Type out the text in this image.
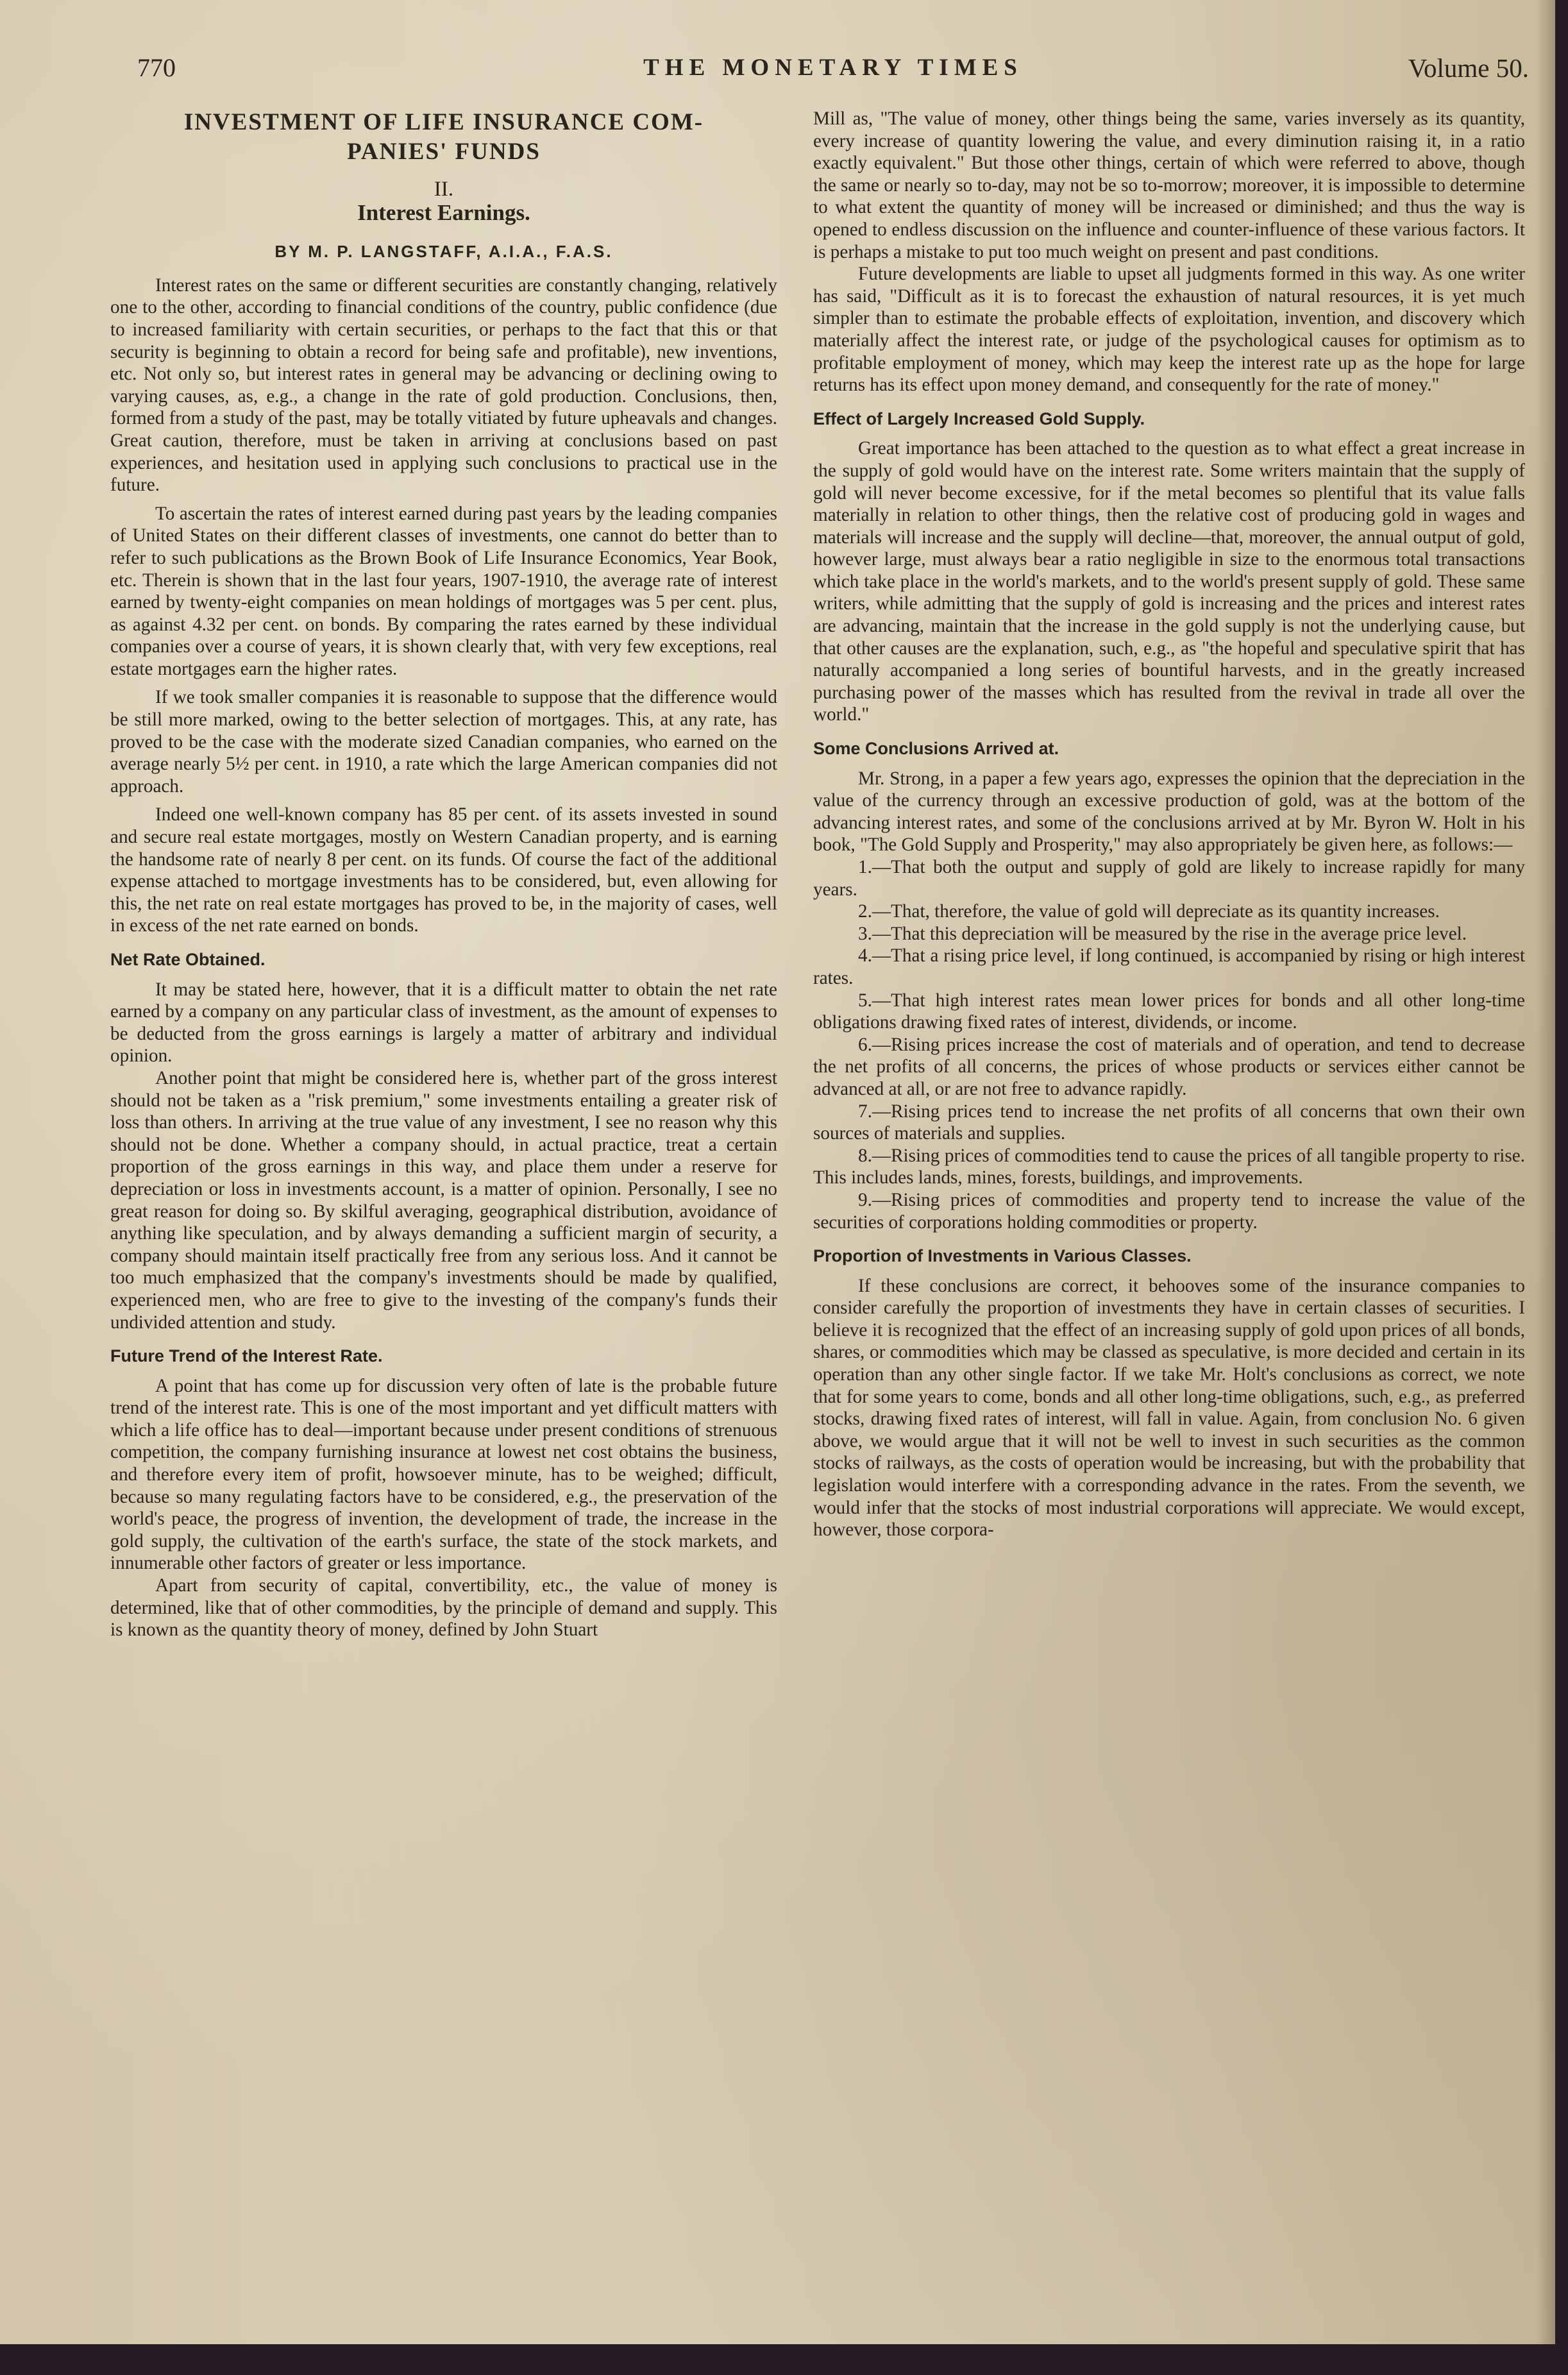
770	THE MONETARY TIMES	Volume 50.
INVESTMENT OF LIFE INSURANCE COM-
PANIES' FUNDS
II.
Interest Earnings.
BY M. P. LANGSTAFF, A.I.A., F.A.S.

Interest rates on the same or different securities are constantly changing, relatively one to the other, according to financial conditions of the country, public confidence (due to increased familiarity with certain securities, or perhaps to the fact that this or that security is beginning to obtain a record for being safe and profitable), new inventions, etc. Not only so, but interest rates in general may be advancing or declining owing to varying causes, as, e.g., a change in the rate of gold production. Conclusions, then, formed from a study of the past, may be totally vitiated by future upheavals and changes. Great caution, therefore, must be taken in arriving at conclusions based on past experiences, and hesitation used in applying such conclusions to practical use in the future.

To ascertain the rates of interest earned during past years by the leading companies of United States on their different classes of investments, one cannot do better than to refer to such publications as the Brown Book of Life Insurance Economics, Year Book, etc. Therein is shown that in the last four years, 1907-1910, the average rate of interest earned by twenty-eight companies on mean holdings of mortgages was 5 per cent. plus, as against 4.32 per cent. on bonds. By comparing the rates earned by these individual companies over a course of years, it is shown clearly that, with very few exceptions, real estate mortgages earn the higher rates.

If we took smaller companies it is reasonable to suppose that the difference would be still more marked, owing to the better selection of mortgages. This, at any rate, has proved to be the case with the moderate sized Canadian companies, who earned on the average nearly 5½ per cent. in 1910, a rate which the large American companies did not approach.

Indeed one well-known company has 85 per cent. of its assets invested in sound and secure real estate mortgages, mostly on Western Canadian property, and is earning the handsome rate of nearly 8 per cent. on its funds. Of course the fact of the additional expense attached to mortgage investments has to be considered, but, even allowing for this, the net rate on real estate mortgages has proved to be, in the majority of cases, well in excess of the net rate earned on bonds.

Net Rate Obtained.

It may be stated here, however, that it is a difficult matter to obtain the net rate earned by a company on any particular class of investment, as the amount of expenses to be deducted from the gross earnings is largely a matter of arbitrary and individual opinion.

Another point that might be considered here is, whether part of the gross interest should not be taken as a "risk premium," some investments entailing a greater risk of loss than others. In arriving at the true value of any investment, I see no reason why this should not be done. Whether a company should, in actual practice, treat a certain proportion of the gross earnings in this way, and place them under a reserve for depreciation or loss in investments account, is a matter of opinion. Personally, I see no great reason for doing so. By skilful averaging, geographical distribution, avoidance of anything like speculation, and by always demanding a sufficient margin of security, a company should maintain itself practically free from any serious loss. And it cannot be too much emphasized that the company's investments should be made by qualified, experienced men, who are free to give to the investing of the company's funds their undivided attention and study.

Future Trend of the Interest Rate.

A point that has come up for discussion very often of late is the probable future trend of the interest rate. This is one of the most important and yet difficult matters with which a life office has to deal—important because under present conditions of strenuous competition, the company furnishing insurance at lowest net cost obtains the business, and therefore every item of profit, howsoever minute, has to be weighed; difficult, because so many regulating factors have to be considered, e.g., the preservation of the world's peace, the progress of invention, the development of trade, the increase in the gold supply, the cultivation of the earth's surface, the state of the stock markets, and innumerable other factors of greater or less importance.

Apart from security of capital, convertibility, etc., the value of money is determined, like that of other commodities, by the principle of demand and supply. This is known as the quantity theory of money, defined by John Stuart

Mill as, "The value of money, other things being the same, varies inversely as its quantity, every increase of quantity lowering the value, and every diminution raising it, in a ratio exactly equivalent." But those other things, certain of which were referred to above, though the same or nearly so to-day, may not be so to-morrow; moreover, it is impossible to determine to what extent the quantity of money will be increased or diminished; and thus the way is opened to endless discussion on the influence and counter-influence of these various factors. It is perhaps a mistake to put too much weight on present and past conditions.

Future developments are liable to upset all judgments formed in this way. As one writer has said, "Difficult as it is to forecast the exhaustion of natural resources, it is yet much simpler than to estimate the probable effects of exploitation, invention, and discovery which materially affect the interest rate, or judge of the psychological causes for optimism as to profitable employment of money, which may keep the interest rate up as the hope for large returns has its effect upon money demand, and consequently for the rate of money."

Effect of Largely Increased Gold Supply.

Great importance has been attached to the question as to what effect a great increase in the supply of gold would have on the interest rate. Some writers maintain that the supply of gold will never become excessive, for if the metal becomes so plentiful that its value falls materially in relation to other things, then the relative cost of producing gold in wages and materials will increase and the supply will decline—that, moreover, the annual output of gold, however large, must always bear a ratio negligible in size to the enormous total transactions which take place in the world's markets, and to the world's present supply of gold. These same writers, while admitting that the supply of gold is increasing and the prices and interest rates are advancing, maintain that the increase in the gold supply is not the underlying cause, but that other causes are the explanation, such, e.g., as "the hopeful and speculative spirit that has naturally accompanied a long series of bountiful harvests, and in the greatly increased purchasing power of the masses which has resulted from the revival in trade all over the world."

Some Conclusions Arrived at.

Mr. Strong, in a paper a few years ago, expresses the opinion that the depreciation in the value of the currency through an excessive production of gold, was at the bottom of the advancing interest rates, and some of the conclusions arrived at by Mr. Byron W. Holt in his book, "The Gold Supply and Prosperity," may also appropriately be given here, as follows:—

1.—That both the output and supply of gold are likely to increase rapidly for many years.

2.—That, therefore, the value of gold will depreciate as its quantity increases.

3.—That this depreciation will be measured by the rise in the average price level.

4.—That a rising price level, if long continued, is accompanied by rising or high interest rates.

5.—That high interest rates mean lower prices for bonds and all other long-time obligations drawing fixed rates of interest, dividends, or income.

6.—Rising prices increase the cost of materials and of operation, and tend to decrease the net profits of all concerns, the prices of whose products or services either cannot be advanced at all, or are not free to advance rapidly.

7.—Rising prices tend to increase the net profits of all concerns that own their own sources of materials and supplies.

8.—Rising prices of commodities tend to cause the prices of all tangible property to rise. This includes lands, mines, forests, buildings, and improvements.

9.—Rising prices of commodities and property tend to increase the value of the securities of corporations holding commodities or property.

Proportion of Investments in Various Classes.

If these conclusions are correct, it behooves some of the insurance companies to consider carefully the proportion of investments they have in certain classes of securities. I believe it is recognized that the effect of an increasing supply of gold upon prices of all bonds, shares, or commodities which may be classed as speculative, is more decided and certain in its operation than any other single factor. If we take Mr. Holt's conclusions as correct, we note that for some years to come, bonds and all other long-time obligations, such, e.g., as preferred stocks, drawing fixed rates of interest, will fall in value. Again, from conclusion No. 6 given above, we would argue that it will not be well to invest in such securities as the common stocks of railways, as the costs of operation would be increasing, but with the probability that legislation would interfere with a corresponding advance in the rates. From the seventh, we would infer that the stocks of most industrial corporations will appreciate. We would except, however, those corpora-
